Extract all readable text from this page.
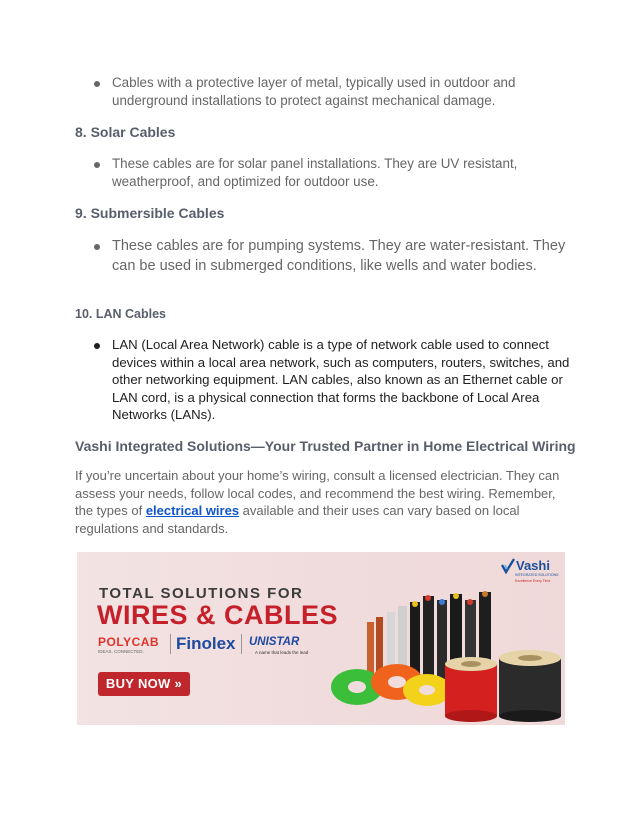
Cables with a protective layer of metal, typically used in outdoor and underground installations to protect against mechanical damage.
8. Solar Cables
These cables are for solar panel installations. They are UV resistant, weatherproof, and optimized for outdoor use.
9. Submersible Cables
These cables are for pumping systems. They are water-resistant. They can be used in submerged conditions, like wells and water bodies.
10. LAN Cables
LAN (Local Area Network) cable is a type of network cable used to connect devices within a local area network, such as computers, routers, switches, and other networking equipment. LAN cables, also known as an Ethernet cable or LAN cord, is a physical connection that forms the backbone of Local Area Networks (LANs).
Vashi Integrated Solutions—Your Trusted Partner in Home Electrical Wiring

If you’re uncertain about your home’s wiring, consult a licensed electrician. They can assess your needs, follow local codes, and recommend the best wiring. Remember, the types of electrical wires available and their uses can vary based on local regulations and standards.

Vashi
INTEGRATED SOLUTIONS
Excellence Every Time
TOTAL SOLUTIONS FOR
WIRES & CABLES
POLYCAB
IDEAS. CONNECTED. Finolex UNISTAR
A name that leads the lead
BUY NOW »
